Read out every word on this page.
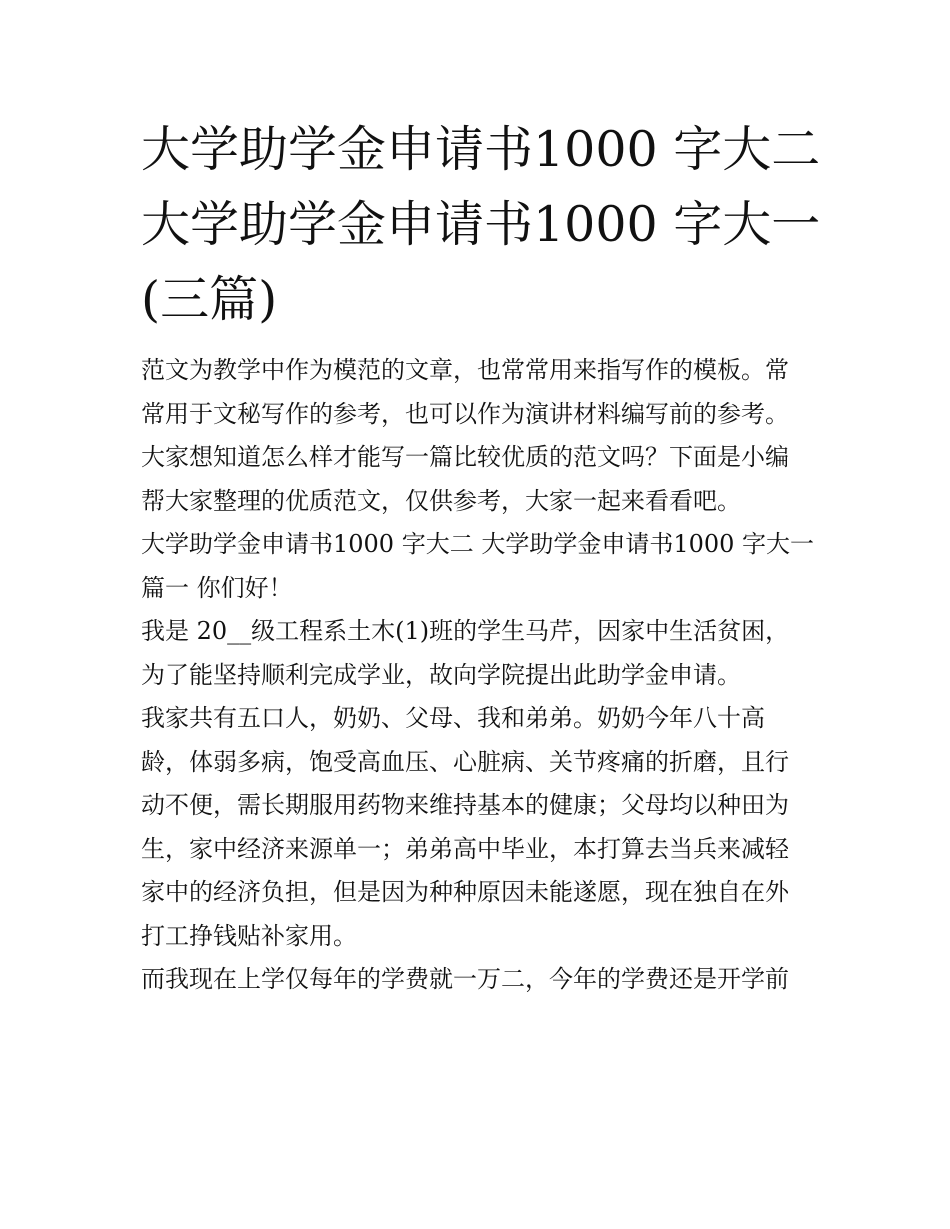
大学助学金申请书1000 字大二
大学助学金申请书1000 字大一
(三篇)

范文为教学中作为模范的文章，也常常用来指写作的模板。常
常用于文秘写作的参考，也可以作为演讲材料编写前的参考。
大家想知道怎么样才能写一篇比较优质的范文吗？下面是小编
帮大家整理的优质范文，仅供参考，大家一起来看看吧。

大学助学金申请书1000 字大二 大学助学金申请书1000 字大一
篇一 你们好！

我是 20__级工程系土木(1)班的学生马芹，因家中生活贫困，
为了能坚持顺利完成学业，故向学院提出此助学金申请。

我家共有五口人，奶奶、父母、我和弟弟。奶奶今年八十高
龄，体弱多病，饱受高血压、心脏病、关节疼痛的折磨，且行
动不便，需长期服用药物来维持基本的健康；父母均以种田为
生，家中经济来源单一；弟弟高中毕业，本打算去当兵来减轻
家中的经济负担，但是因为种种原因未能遂愿，现在独自在外
打工挣钱贴补家用。

而我现在上学仅每年的学费就一万二，今年的学费还是开学前
